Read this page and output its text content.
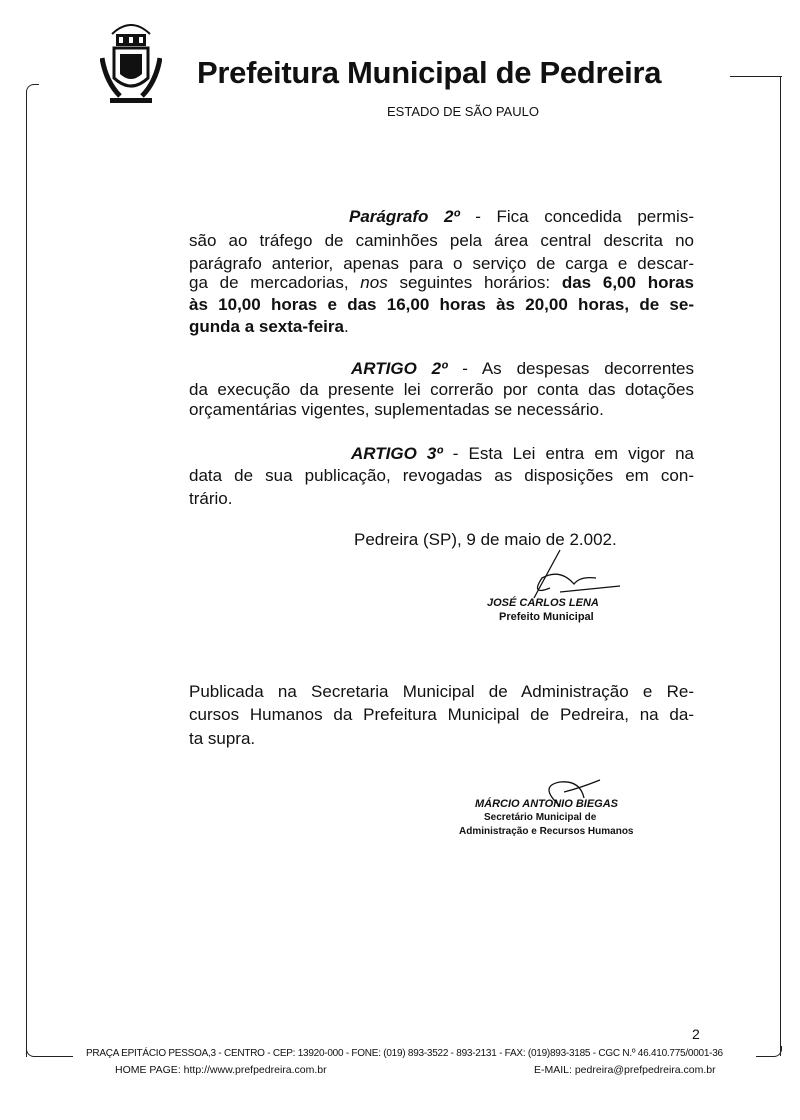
Prefeitura Municipal de Pedreira
ESTADO DE SÃO PAULO
Parágrafo 2º - Fica concedida permis-
são ao tráfego de caminhões pela área central descrita no
parágrafo anterior, apenas para o serviço de carga e descar-
ga de mercadorias, nos seguintes horários: das 6,00 horas
às 10,00 horas e das 16,00 horas às 20,00 horas, de se-
gunda a sexta-feira.
ARTIGO 2º - As despesas decorrentes
da execução da presente lei correrão por conta das dotações
orçamentárias vigentes, suplementadas se necessário.
ARTIGO 3º - Esta Lei entra em vigor na
data de sua publicação, revogadas as disposições em con-
trário.
Pedreira (SP), 9 de maio de 2.002.
JOSÉ CARLOS LENA
Prefeito Municipal
Publicada na Secretaria Municipal de Administração e Re-
cursos Humanos da Prefeitura Municipal de Pedreira, na da-
ta supra.
MÁRCIO ANTONIO BIEGAS
Secretário Municipal de
Administração e Recursos Humanos
2
PRAÇA EPITÁCIO PESSOA,3 - CENTRO - CEP: 13920-000 - FONE: (019) 893-3522 - 893-2131 - FAX: (019)893-3185 - CGC N.º 46.410.775/0001-36
HOME PAGE: http://www.prefpedreira.com.br	E-MAIL: pedreira@prefpedreira.com.br
